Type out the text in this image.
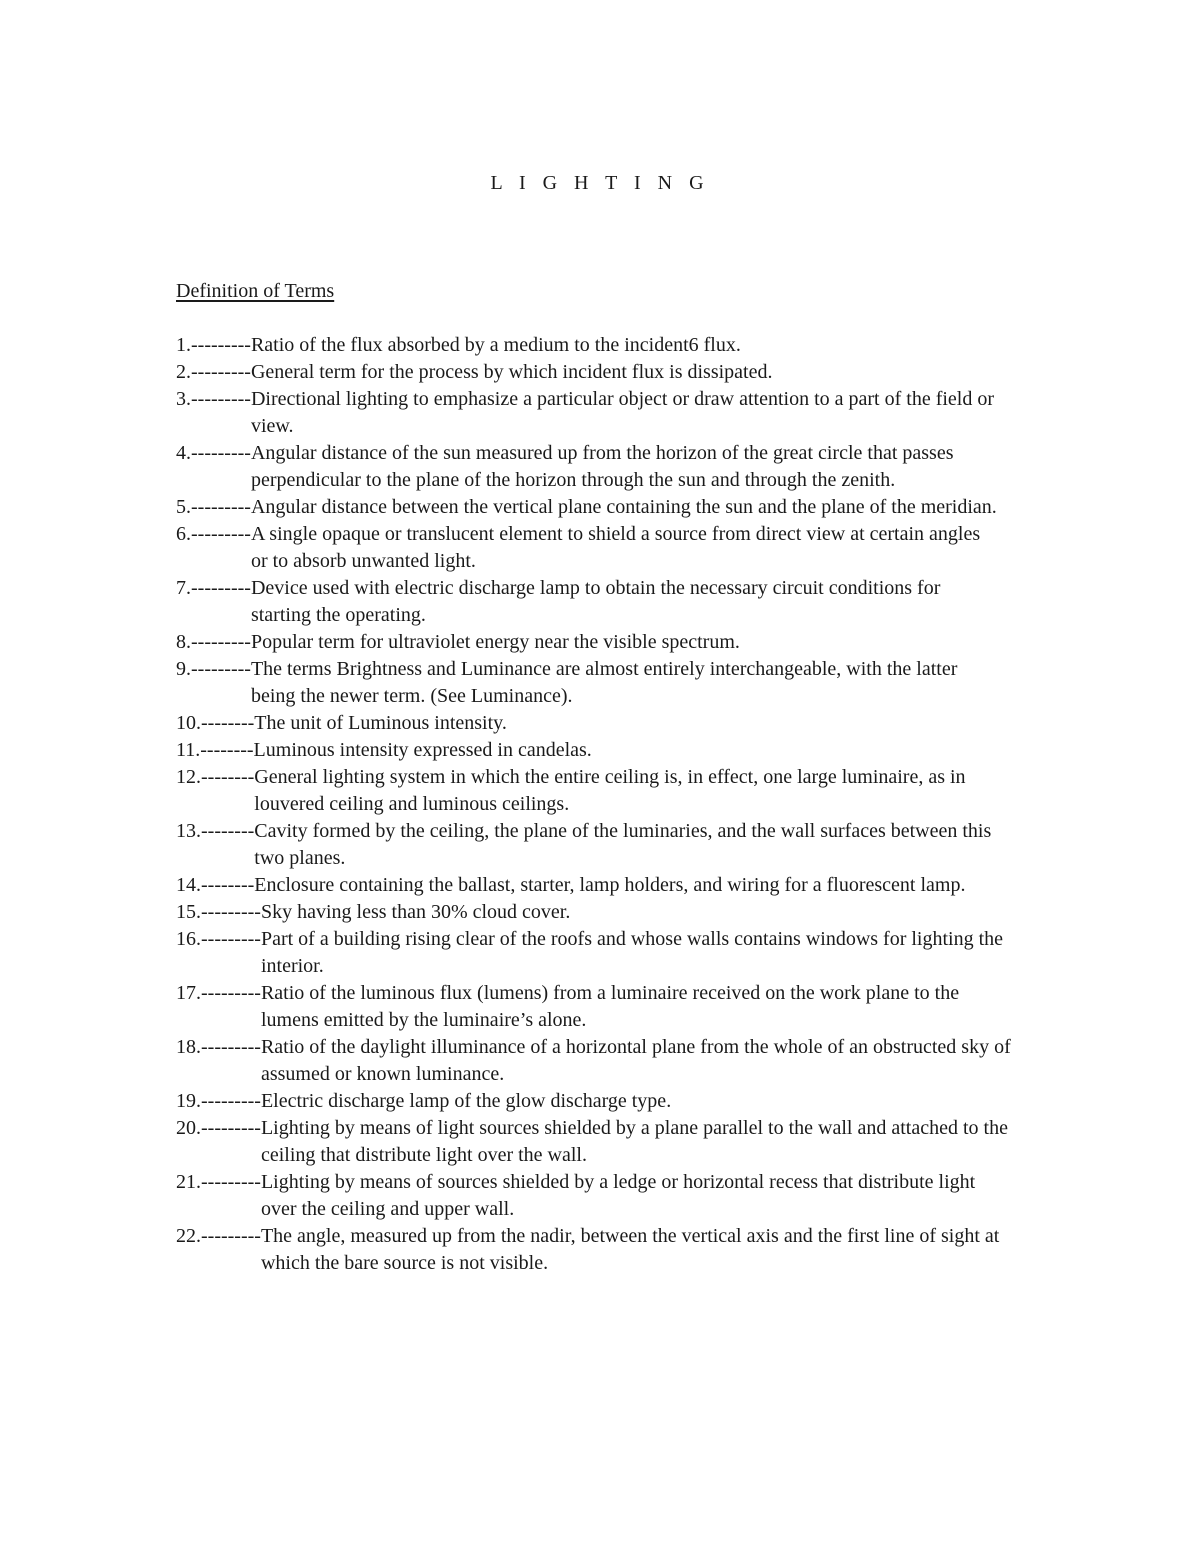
L I G H T I N G
Definition of Terms
1. --------- Ratio of the flux absorbed by a medium to the incident6 flux.
2. --------- General term for the process by which incident flux is dissipated.
3. --------- Directional lighting to emphasize a particular object or draw attention to a part of the field or view.
4. --------- Angular distance of the sun measured up from the horizon of the great circle that passes perpendicular to the plane of the horizon through the sun and through the zenith.
5. --------- Angular distance between the vertical plane containing the sun and the plane of the meridian.
6. --------- A single opaque or translucent element to shield a source from direct view at certain angles or to absorb unwanted light.
7. --------- Device used with electric discharge lamp to obtain the necessary circuit conditions for starting the operating.
8. --------- Popular term for ultraviolet energy near the visible spectrum.
9. --------- The terms Brightness and Luminance are almost entirely interchangeable, with the latter being the newer term. (See Luminance).
10. -------- The unit of Luminous intensity.
11. -------- Luminous intensity expressed in candelas.
12. -------- General lighting system in which the entire ceiling is, in effect, one large luminaire, as in louvered ceiling and luminous ceilings.
13. -------- Cavity formed by the ceiling, the plane of the luminaries, and the wall surfaces between this two planes.
14. -------- Enclosure containing the ballast, starter, lamp holders, and wiring for a fluorescent lamp.
15. --------- Sky having less than 30% cloud cover.
16. --------- Part of a building rising clear of the roofs and whose walls contains windows for lighting the interior.
17. --------- Ratio of the luminous flux (lumens) from a luminaire received on the work plane to the lumens emitted by the luminaire’s alone.
18. --------- Ratio of the daylight illuminance of a horizontal plane from the whole of an obstructed sky of assumed or known luminance.
19. --------- Electric discharge lamp of the glow discharge type.
20. --------- Lighting by means of light sources shielded by a plane parallel to the wall and attached to the ceiling that distribute light over the wall.
21. --------- Lighting by means of sources shielded by a ledge or horizontal recess that distribute light over the ceiling and upper wall.
22. --------- The angle, measured up from the nadir, between the vertical axis and the first line of sight at which the bare source is not visible.
